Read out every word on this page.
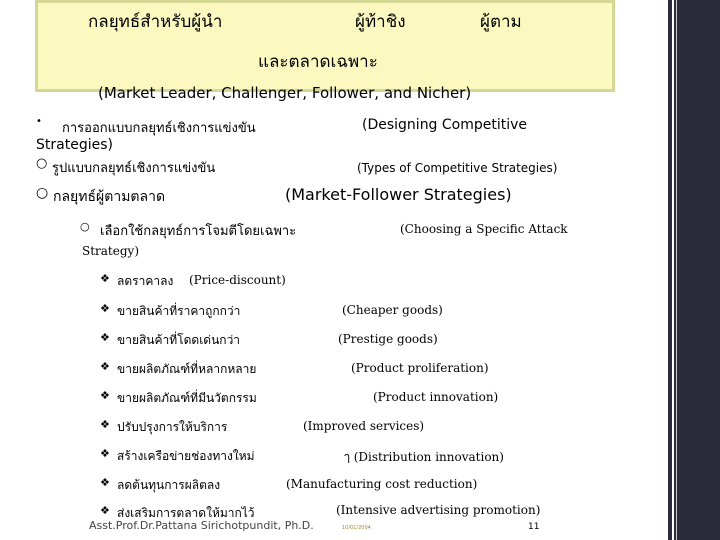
กลยุทธ์สำหรับผู้นำ	ผู้ท้าชิง	ผู้ตาม
และตลาดเฉพาะ
(Market Leader, Challenger, Follower, and Nicher)
• การออกแบบกลยุทธ์เชิงการแข่งขัน	(Designing Competitive
Strategies)
○ รูปแบบกลยุทธ์เชิงการแข่งขัน	(Types of Competitive Strategies)
○ กลยุทธ์ผู้ตามตลาด	(Market-Follower Strategies)
○ เลือกใช้กลยุทธ์การโจมตีโดยเฉพาะ	(Choosing a Specific Attack
Strategy)
❖ ลดราคาลง (Price-discount)
❖ ขายสินค้าที่ราคาถูกกว่า	(Cheaper goods)
❖ ขายสินค้าที่โดดเด่นกว่า	(Prestige goods)
❖ ขายผลิตภัณฑ์ที่หลากหลาย	(Product proliferation)
❖ ขายผลิตภัณฑ์ที่มีนวัตกรรม	(Product innovation)
❖ ปรับปรุงการให้บริการ	(Improved services)
❖ สร้างเครือข่ายช่องทางใหม่	ๅ (Distribution innovation)
❖ ลดต้นทุนการผลิตลง	(Manufacturing cost reduction)
❖ ส่งเสริมการตลาดให้มากไว้	(Intensive advertising promotion)
Asst.Prof.Dr.Pattana Sirichotpundit, Ph.D.	10/01/2004	11
